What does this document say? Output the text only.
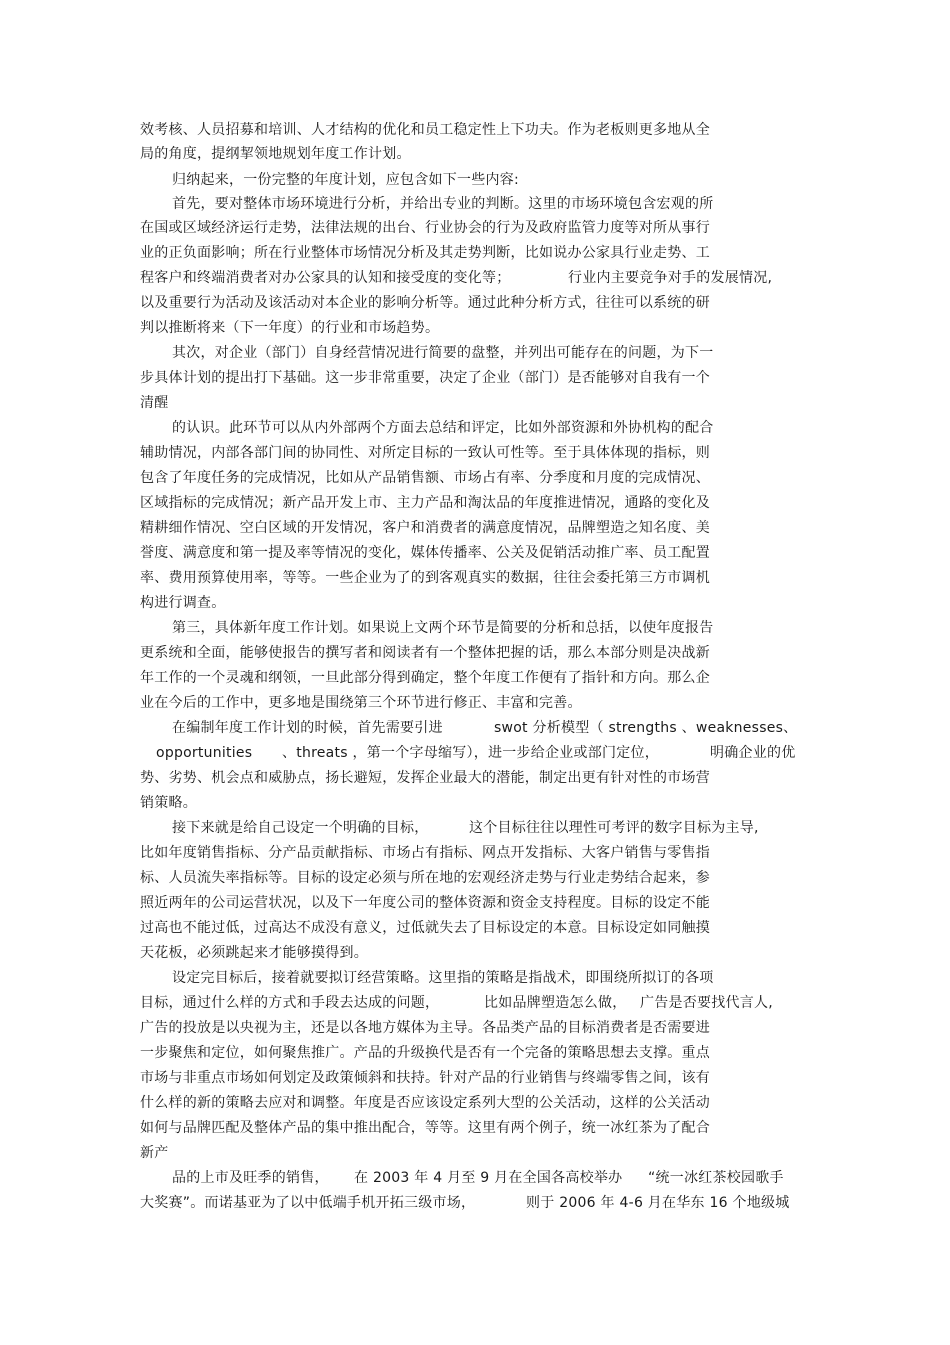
效考核、人员招募和培训、人才结构的优化和员工稳定性上下功夫。作为老板则更多地从全
局的角度，提纲挈领地规划年度工作计划。
归纳起来，一份完整的年度计划，应包含如下一些内容:
首先，要对整体市场环境进行分析，并给出专业的判断。这里的市场环境包含宏观的所
在国或区域经济运行走势，法律法规的出台、行业协会的行为及政府监管力度等对所从事行
业的正负面影响；所在行业整体市场情况分析及其走势判断，比如说办公家具行业走势、工
程客户和终端消费者对办公家具的认知和接受度的变化等；	行业内主要竞争对手的发展情况,
以及重要行为活动及该活动对本企业的影响分析等。通过此种分析方式，往往可以系统的研
判以推断将来（下一年度）的行业和市场趋势。
其次，对企业（部门）自身经营情况进行简要的盘整，并列出可能存在的问题，为下一
步具体计划的提出打下基础。这一步非常重要，决定了企业（部门）是否能够对自我有一个
清醒
的认识。此环节可以从内外部两个方面去总结和评定，比如外部资源和外协机构的配合
辅助情况，内部各部门间的协同性、对所定目标的一致认可性等。至于具体体现的指标，则
包含了年度任务的完成情况，比如从产品销售额、市场占有率、分季度和月度的完成情况、
区域指标的完成情况；新产品开发上市、主力产品和淘汰品的年度推进情况，通路的变化及
精耕细作情况、空白区域的开发情况，客户和消费者的满意度情况，品牌塑造之知名度、美
誉度、满意度和第一提及率等情况的变化，媒体传播率、公关及促销活动推广率、员工配置
率、费用预算使用率，等等。一些企业为了的到客观真实的数据，往往会委托第三方市调机
构进行调查。
第三，具体新年度工作计划。如果说上文两个环节是简要的分析和总括，以使年度报告
更系统和全面，能够使报告的撰写者和阅读者有一个整体把握的话，那么本部分则是决战新
年工作的一个灵魂和纲领，一旦此部分得到确定，整个年度工作便有了指针和方向。那么企
业在今后的工作中，更多地是围绕第三个环节进行修正、丰富和完善。
在编制年度工作计划的时候，首先需要引进	swot 分析模型（ strengths 、weaknesses、
opportunities 、threats ，第一个字母缩写），进一步给企业或部门定位，	明确企业的优
势、劣势、机会点和威胁点，扬长避短，发挥企业最大的潜能，制定出更有针对性的市场营
销策略。
接下来就是给自己设定一个明确的目标，	这个目标往往以理性可考评的数字目标为主导,
比如年度销售指标、分产品贡献指标、市场占有指标、网点开发指标、大客户销售与零售指
标、人员流失率指标等。目标的设定必须与所在地的宏观经济走势与行业走势结合起来，参
照近两年的公司运营状况，以及下一年度公司的整体资源和资金支持程度。目标的设定不能
过高也不能过低，过高达不成没有意义，过低就失去了目标设定的本意。目标设定如同触摸
天花板，必须跳起来才能够摸得到。
设定完目标后，接着就要拟订经营策略。这里指的策略是指战术，即围绕所拟订的各项
目标，通过什么样的方式和手段去达成的问题，	比如品牌塑造怎么做， 广告是否要找代言人,
广告的投放是以央视为主，还是以各地方媒体为主导。各品类产品的目标消费者是否需要进
一步聚焦和定位，如何聚焦推广。产品的升级换代是否有一个完备的策略思想去支撑。重点
市场与非重点市场如何划定及政策倾斜和扶持。针对产品的行业销售与终端零售之间，该有
什么样的新的策略去应对和调整。年度是否应该设定系列大型的公关活动，这样的公关活动
如何与品牌匹配及整体产品的集中推出配合，等等。这里有两个例子，统一冰红茶为了配合
新产
品的上市及旺季的销售， 在 2003 年 4 月至 9 月在全国各高校举办 “统一冰红茶校园歌手
大奖赛”。而诺基亚为了以中低端手机开拓三级市场，	则于 2006 年 4-6 月在华东 16 个地级城
